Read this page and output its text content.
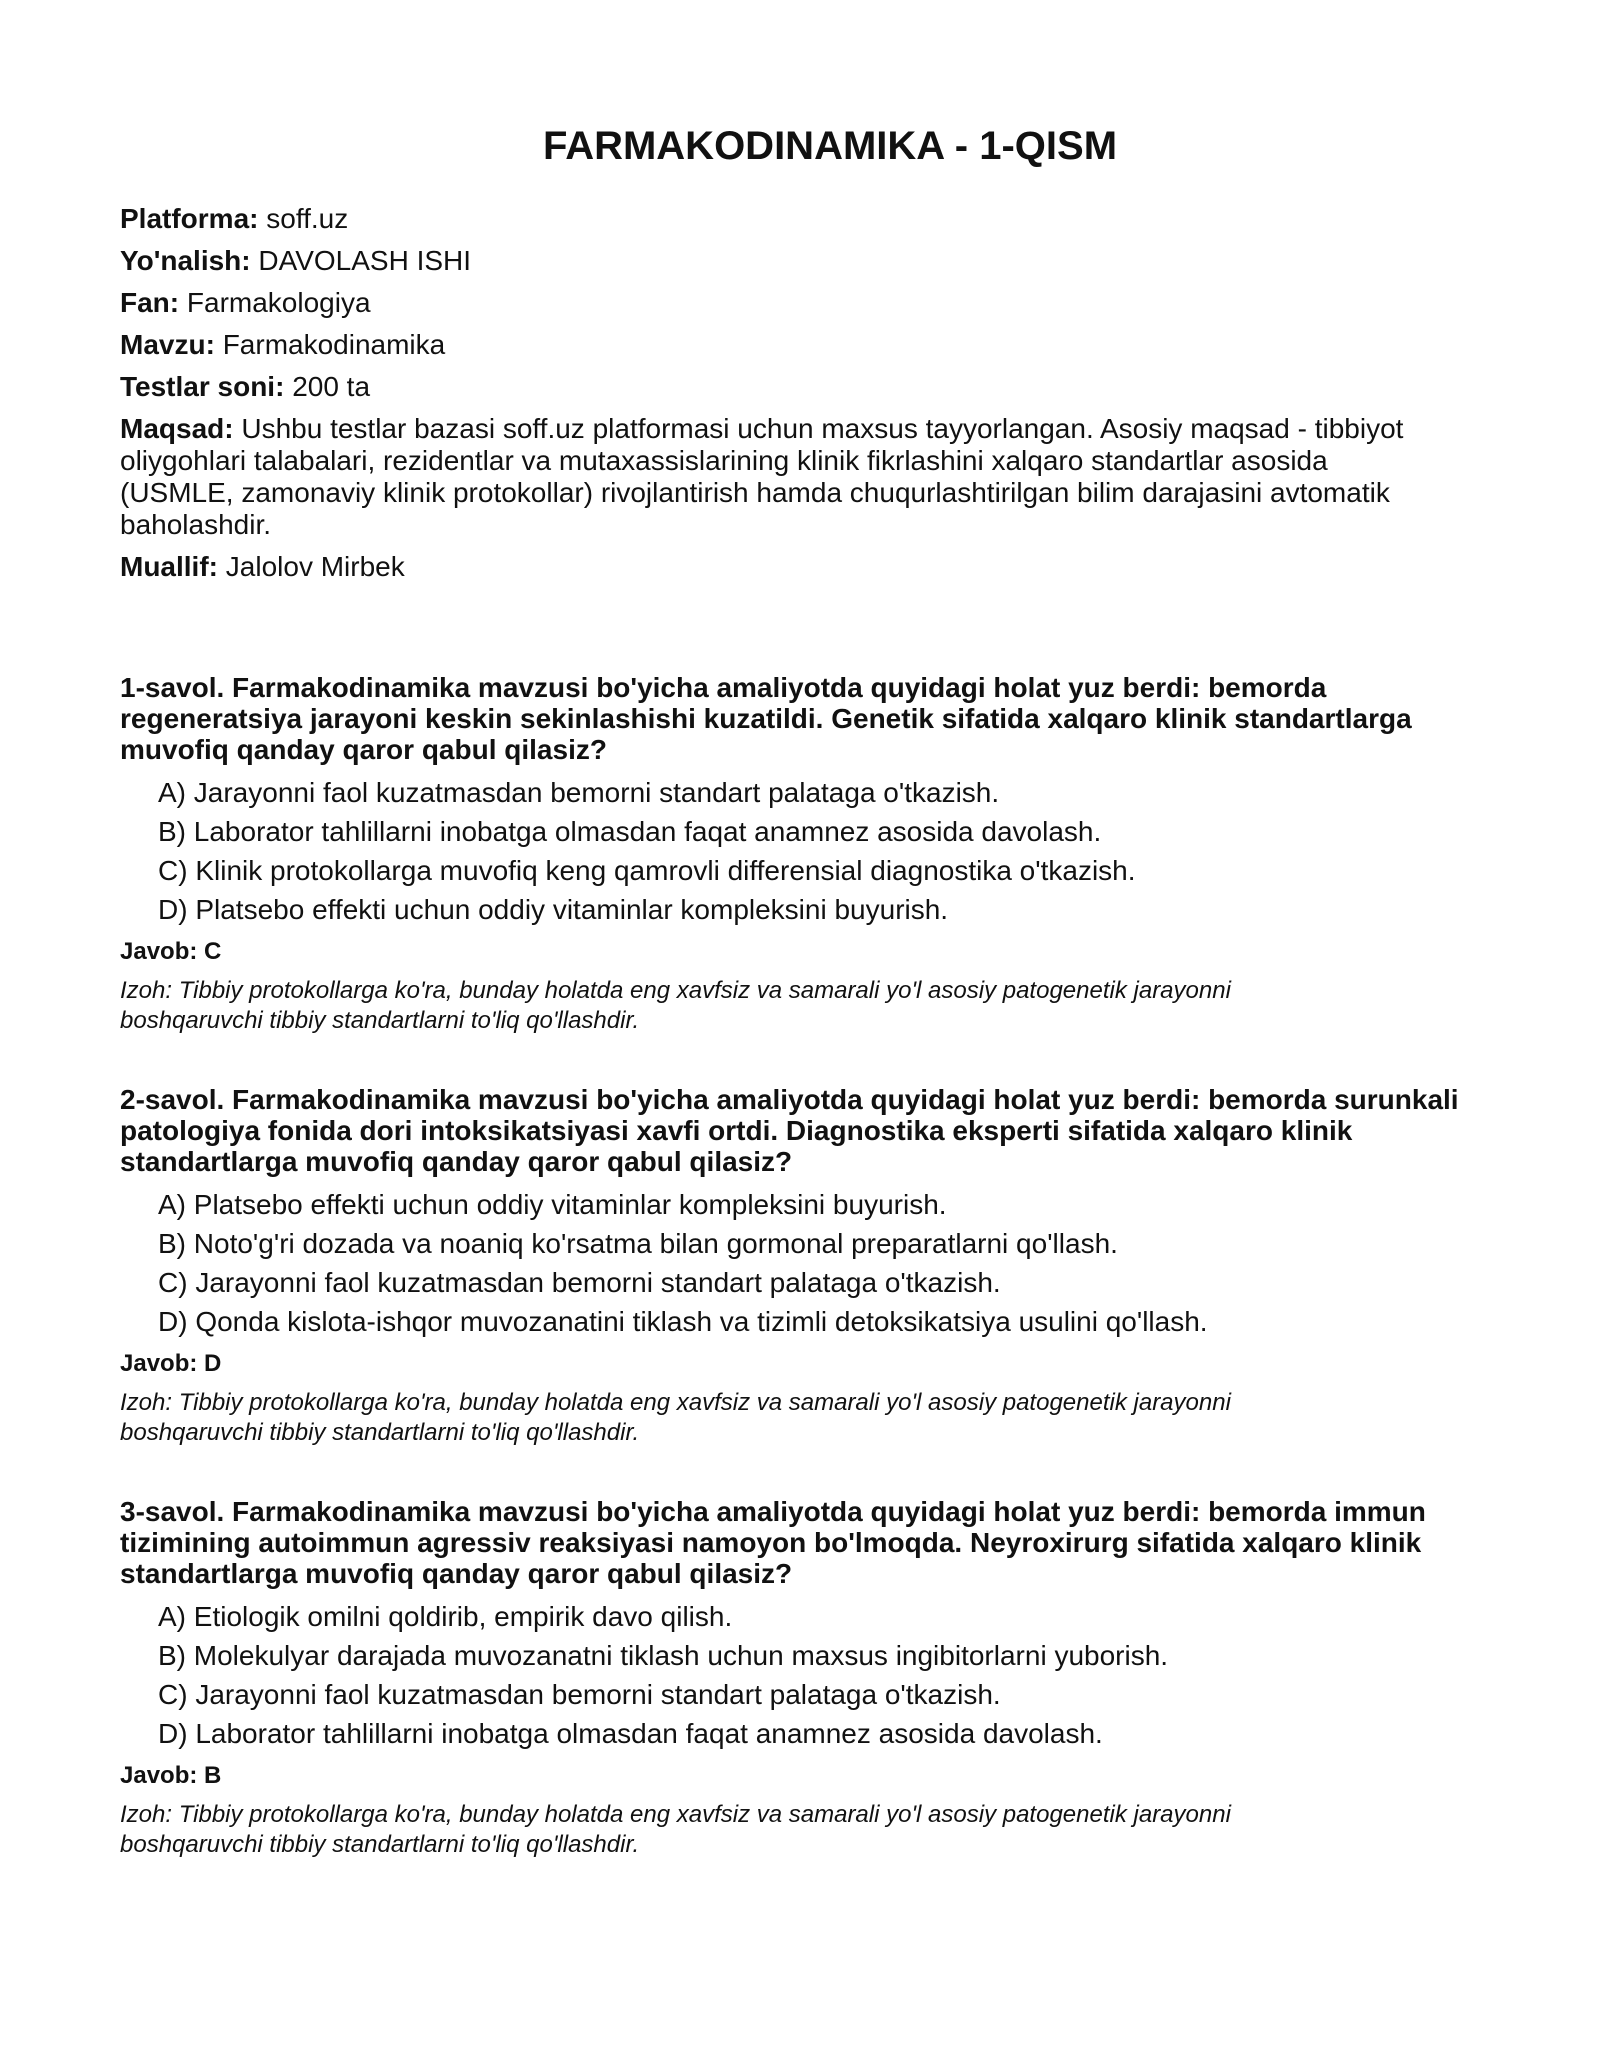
FARMAKODINAMIKA - 1-QISM
Platforma: soff.uz
Yo'nalish: DAVOLASH ISHI
Fan: Farmakologiya
Mavzu: Farmakodinamika
Testlar soni: 200 ta
Maqsad: Ushbu testlar bazasi soff.uz platformasi uchun maxsus tayyorlangan. Asosiy maqsad - tibbiyot oliygohlari talabalari, rezidentlar va mutaxassislarining klinik fikrlashini xalqaro standartlar asosida (USMLE, zamonaviy klinik protokollar) rivojlantirish hamda chuqurlashtirilgan bilim darajasini avtomatik baholashdir.
Muallif: Jalolov Mirbek

1-savol. Farmakodinamika mavzusi bo'yicha amaliyotda quyidagi holat yuz berdi: bemorda regeneratsiya jarayoni keskin sekinlashishi kuzatildi. Genetik sifatida xalqaro klinik standartlarga muvofiq qanday qaror qabul qilasiz?

A) Jarayonni faol kuzatmasdan bemorni standart palataga o'tkazish.
B) Laborator tahlillarni inobatga olmasdan faqat anamnez asosida davolash.
C) Klinik protokollarga muvofiq keng qamrovli differensial diagnostika o'tkazish.
D) Platsebo effekti uchun oddiy vitaminlar kompleksini buyurish.
Javob: C

Izoh: Tibbiy protokollarga ko'ra, bunday holatda eng xavfsiz va samarali yo'l asosiy patogenetik jarayonni boshqaruvchi tibbiy standartlarni to'liq qo'llashdir.

2-savol. Farmakodinamika mavzusi bo'yicha amaliyotda quyidagi holat yuz berdi: bemorda surunkali patologiya fonida dori intoksikatsiyasi xavfi ortdi. Diagnostika eksperti sifatida xalqaro klinik standartlarga muvofiq qanday qaror qabul qilasiz?

A) Platsebo effekti uchun oddiy vitaminlar kompleksini buyurish.
B) Noto'g'ri dozada va noaniq ko'rsatma bilan gormonal preparatlarni qo'llash.
C) Jarayonni faol kuzatmasdan bemorni standart palataga o'tkazish.
D) Qonda kislota-ishqor muvozanatini tiklash va tizimli detoksikatsiya usulini qo'llash.
Javob: D

Izoh: Tibbiy protokollarga ko'ra, bunday holatda eng xavfsiz va samarali yo'l asosiy patogenetik jarayonni boshqaruvchi tibbiy standartlarni to'liq qo'llashdir.

3-savol. Farmakodinamika mavzusi bo'yicha amaliyotda quyidagi holat yuz berdi: bemorda immun tizimining autoimmun agressiv reaksiyasi namoyon bo'lmoqda. Neyroxirurg sifatida xalqaro klinik standartlarga muvofiq qanday qaror qabul qilasiz?

A) Etiologik omilni qoldirib, empirik davo qilish.
B) Molekulyar darajada muvozanatni tiklash uchun maxsus ingibitorlarni yuborish.
C) Jarayonni faol kuzatmasdan bemorni standart palataga o'tkazish.
D) Laborator tahlillarni inobatga olmasdan faqat anamnez asosida davolash.
Javob: B

Izoh: Tibbiy protokollarga ko'ra, bunday holatda eng xavfsiz va samarali yo'l asosiy patogenetik jarayonni boshqaruvchi tibbiy standartlarni to'liq qo'llashdir.
